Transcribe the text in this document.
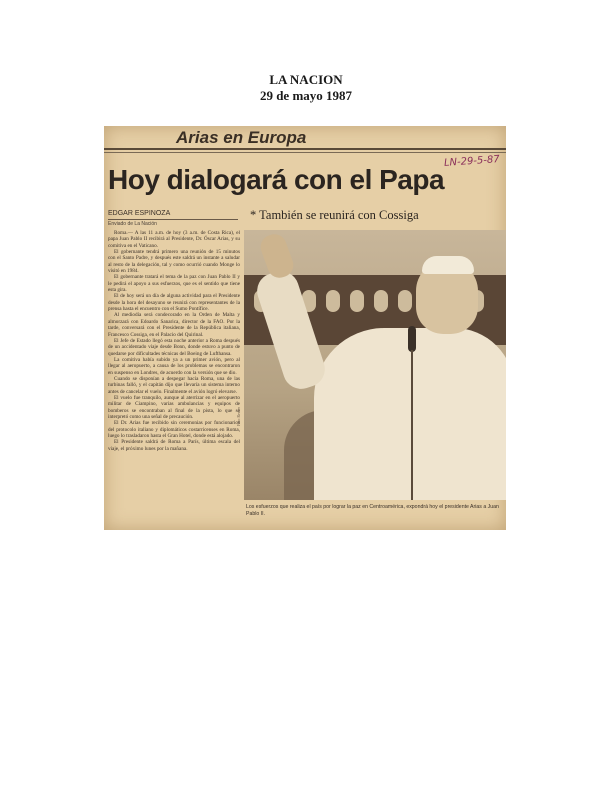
LA NACION
29 de mayo 1987
Arias en Europa
LN-29-5-87
Hoy dialogará con el Papa
EDGAR ESPINOZA
Enviado de La Nación
* También se reunirá con Cossiga

Roma.— A las 11 a.m. de hoy (3 a.m. de Costa Rica), el papa Juan Pablo II recibirá al Presidente, Dr. Óscar Arias, y su comitiva en el Vaticano.

El gobernante tendrá primero una reunión de 15 minutos con el Santo Padre, y después este saldrá un instante a saludar al resto de la delegación, tal y como ocurrió cuando Monge lo visitó en 1984.

El gobernante tratará el tema de la paz con Juan Pablo II y le pedirá el apoyo a sus esfuerzos, que es el sentido que tiene esta gira.

El de hoy será un día de alguna actividad para el Presidente desde la hora del desayuno se reunirá con representantes de la prensa hasta el encuentro con el Sumo Pontífice.

Al mediodía será condecorado en la Orden de Malta y almorzará con Edoardo Sanarica, director de la FAO. Por la tarde, conversará con el Presidente de la República italiana, Francesco Cossiga, en el Palacio del Quirinal.

El Jefe de Estado llegó esta noche anterior a Roma después de un accidentado viaje desde Bonn, donde estuvo a punto de quedarse por dificultades técnicas del Boeing de Lufthansa.

La comitiva había subido ya a un primer avión, pero al llegar al aeropuerto, a causa de los problemas se encontraron en suspenso en Londres, de acuerdo con la versión que se dio.

Cuando se disponían a despegar hacia Roma, una de las turbinas falló, y el capitán dijo que llevaría un sistema interno antes de cancelar el vuelo. Finalmente el avión logró elevarse.

El vuelo fue tranquilo, aunque al aterrizar en el aeropuerto militar de Ciampino, varias ambulancias y equipos de bomberos se encontraban al final de la pista, lo que se interpretó como una señal de precaución.

El Dr. Arias fue recibido sin ceremonias por funcionarios del protocolo italiano y diplomáticos costarricenses en Roma, luego lo trasladaron hasta el Gran Hotel, donde está alojado.

El Presidente saldrá de Roma a París, última escala del viaje, el próximo lunes por la mañana.

Foto Reuter
Los esfuerzos que realiza el país por lograr la paz en Centroamérica, expondrá hoy el presidente Arias a Juan Pablo II.
